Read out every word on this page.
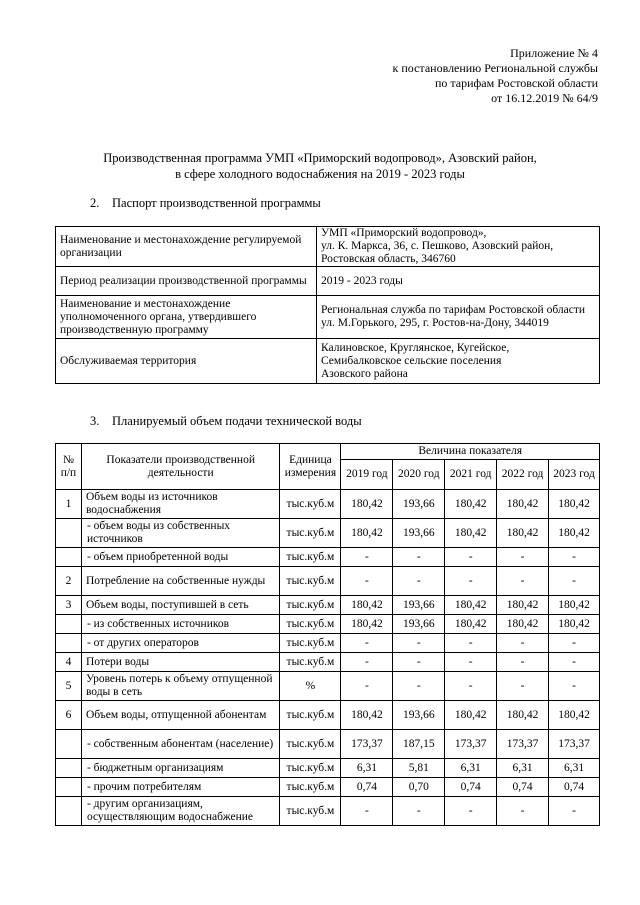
Приложение № 4
к постановлению Региональной службы
по тарифам Ростовской области
от 16.12.2019 № 64/9
Производственная программа УМП «Приморский водопровод», Азовский район,
в сфере холодного водоснабжения на 2019 - 2023 годы
2. Паспорт производственной программы
Наименование и местонахождение регулируемой организации	УМП «Приморский водопровод»,
ул. К. Маркса, 36, с. Пешково, Азовский район,
Ростовская область, 346760

Период реализации производственной программы	2019 - 2023 годы

Наименование и местонахождение уполномоченного органа, утвердившего производственную программу	Региональная служба по тарифам Ростовской области
ул. М.Горького, 295, г. Ростов-на-Дону, 344019

Обслуживаемая территория	Калиновское, Круглянское, Кугейское,
Семибалковское сельские поселения
Азовского района
3. Планируемый объем подачи технической воды
№ п/п	Показатели производственной деятельности	Единица измерения	Величина показателя				
			2019 год	2020 год	2021 год	2022 год	2023 год
1	Объем воды из источников водоснабжения	тыс.куб.м	180,42	193,66	180,42	180,42	180,42
	- объем воды из собственных источников	тыс.куб.м	180,42	193,66	180,42	180,42	180,42
	- объем приобретенной воды	тыс.куб.м	-	-	-	-	-
2	Потребление на собственные нужды	тыс.куб.м	-	-	-	-	-
3	Объем воды, поступившей в сеть	тыс.куб.м	180,42	193,66	180,42	180,42	180,42
	- из собственных источников	тыс.куб.м	180,42	193,66	180,42	180,42	180,42
	- от других операторов	тыс.куб.м	-	-	-	-	-
4	Потери воды	тыс.куб.м	-	-	-	-	-
5	Уровень потерь к объему отпущенной воды в сеть	%	-	-	-	-	-
6	Объем воды, отпущенной абонентам	тыс.куб.м	180,42	193,66	180,42	180,42	180,42
	- собственным абонентам (население)	тыс.куб.м	173,37	187,15	173,37	173,37	173,37
	- бюджетным организациям	тыс.куб.м	6,31	5,81	6,31	6,31	6,31
	- прочим потребителям	тыс.куб.м	0,74	0,70	0,74	0,74	0,74
	- другим организациям, осуществляющим водоснабжение	тыс.куб.м	-	-	-	-	-
